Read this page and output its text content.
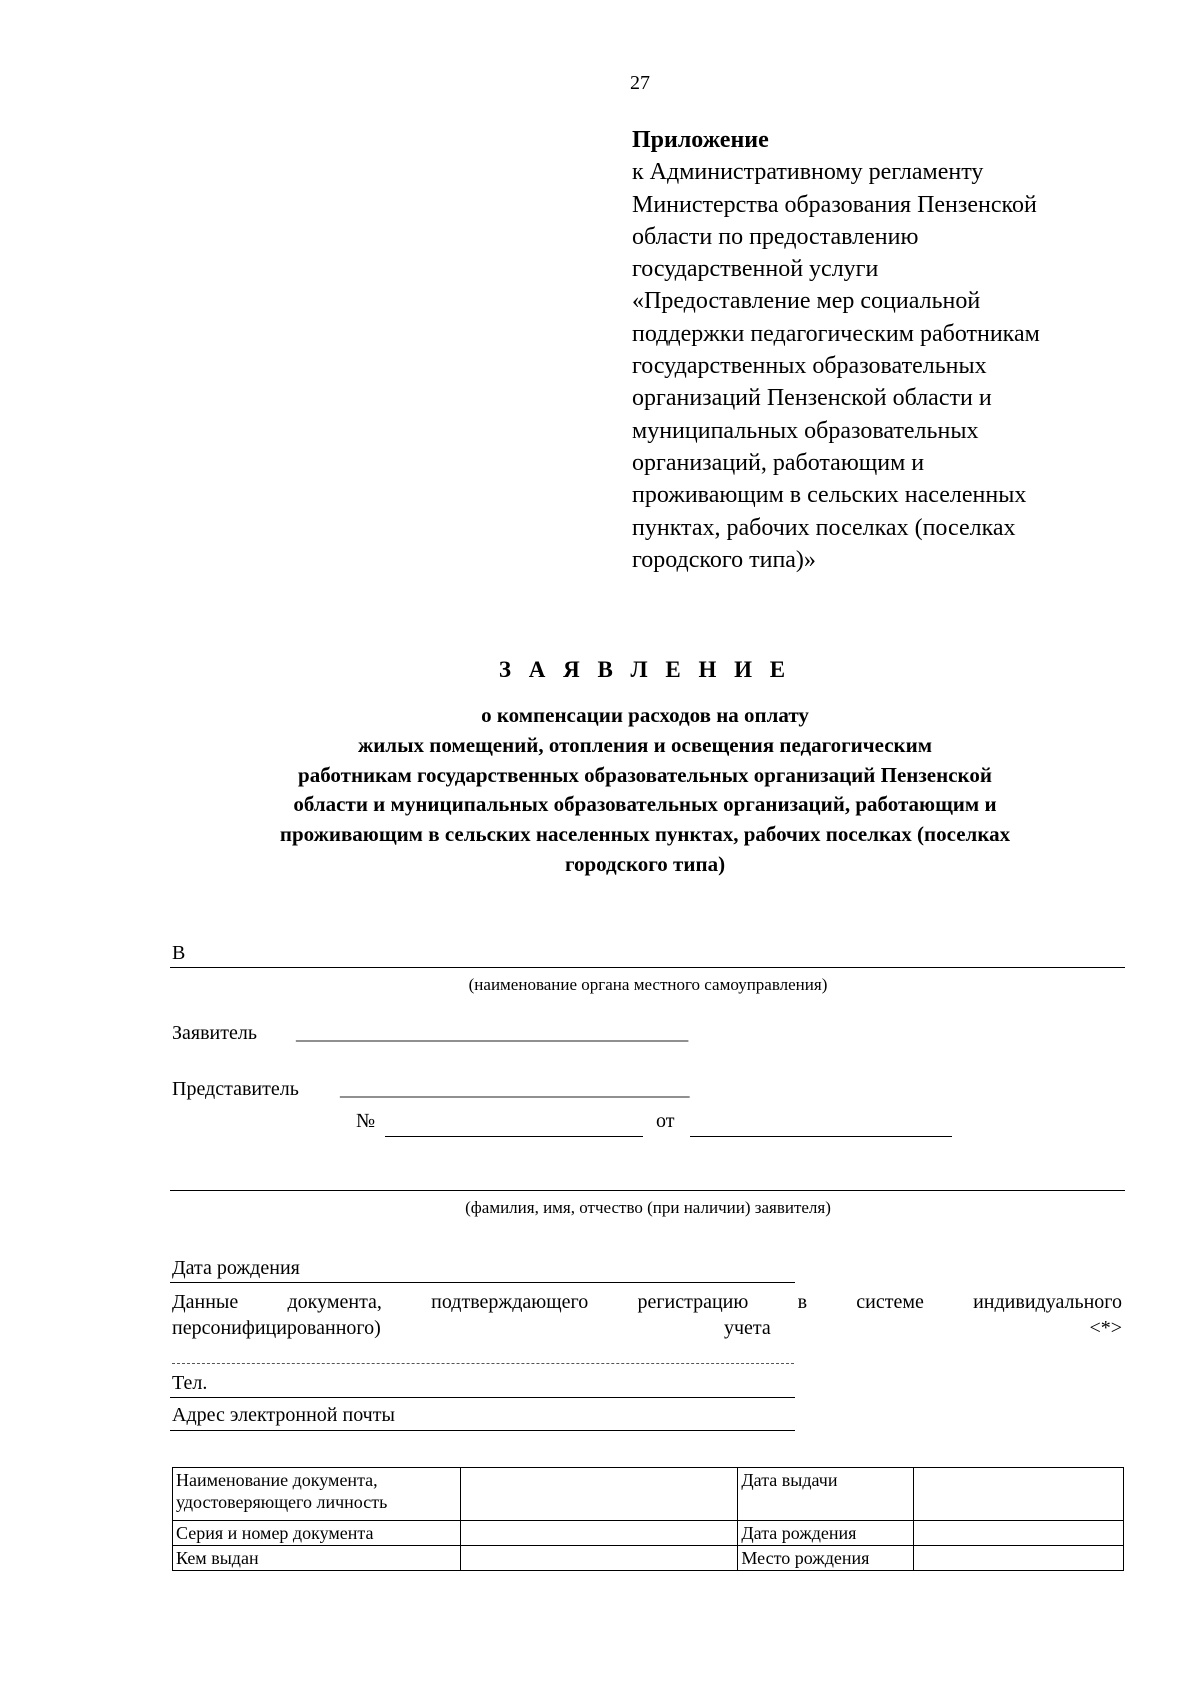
27
Приложение
к Административному регламенту
Министерства образования Пензенской
области по предоставлению
государственной услуги
«Предоставление мер социальной
поддержки педагогическим работникам
государственных образовательных
организаций Пензенской области и
муниципальных образовательных
организаций, работающим и
проживающим в сельских населенных
пунктах, рабочих поселках (поселках
городского типа)»
З А Я В Л Е Н И Е
о компенсации расходов на оплату
жилых помещений, отопления и освещения педагогическим
работникам государственных образовательных организаций Пензенской
области и муниципальных образовательных организаций, работающим и
проживающим в сельских населенных пунктах, рабочих поселках (поселках
городского типа)
В
(наименование органа местного самоуправления)
Заявитель ___________________________________________
Представитель ____________________________________
№	от
(фамилия, имя, отчество (при наличии) заявителя)
Дата рождения
Данные документа, подтверждающего регистрацию в системе индивидуального
персонифицированного)	учета	<*>
Тел.
Адрес электронной почты
Наименование документа, удостоверяющего личность		Дата выдачи	
Серия и номер документа		Дата рождения	
Кем выдан		Место рождения	
